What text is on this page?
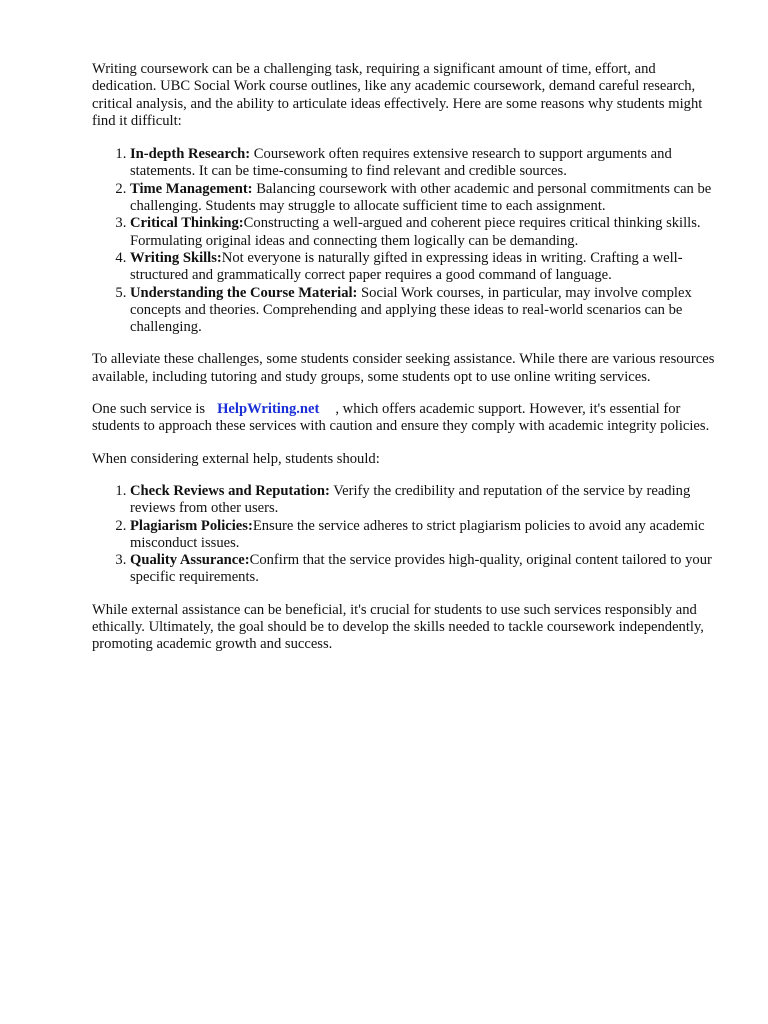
Writing coursework can be a challenging task, requiring a significant amount of time, effort, and dedication. UBC Social Work course outlines, like any academic coursework, demand careful research, critical analysis, and the ability to articulate ideas effectively. Here are some reasons why students might find it difficult:

1. In-depth Research: Coursework often requires extensive research to support arguments and statements. It can be time-consuming to find relevant and credible sources.
2. Time Management: Balancing coursework with other academic and personal commitments can be challenging. Students may struggle to allocate sufficient time to each assignment.
3. Critical Thinking:Constructing a well-argued and coherent piece requires critical thinking skills. Formulating original ideas and connecting them logically can be demanding.
4. Writing Skills:Not everyone is naturally gifted in expressing ideas in writing. Crafting a well-structured and grammatically correct paper requires a good command of language.
5. Understanding the Course Material: Social Work courses, in particular, may involve complex concepts and theories. Comprehending and applying these ideas to real-world scenarios can be challenging.

To alleviate these challenges, some students consider seeking assistance. While there are various resources available, including tutoring and study groups, some students opt to use online writing services.

One such service is HelpWriting.net , which offers academic support. However, it's essential for students to approach these services with caution and ensure they comply with academic integrity policies.

When considering external help, students should:

1. Check Reviews and Reputation: Verify the credibility and reputation of the service by reading reviews from other users.
2. Plagiarism Policies:Ensure the service adheres to strict plagiarism policies to avoid any academic misconduct issues.
3. Quality Assurance:Confirm that the service provides high-quality, original content tailored to your specific requirements.

While external assistance can be beneficial, it's crucial for students to use such services responsibly and ethically. Ultimately, the goal should be to develop the skills needed to tackle coursework independently, promoting academic growth and success.
